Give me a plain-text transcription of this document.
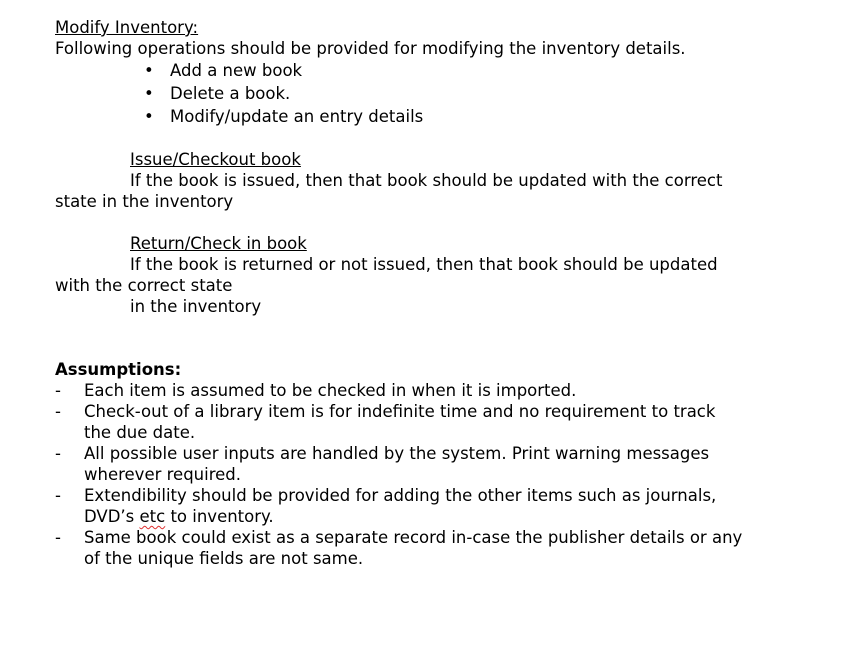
Modify Inventory:
Following operations should be provided for modifying the inventory details.
• Add a new book
• Delete a book.
• Modify/update an entry details
Issue/Checkout book
If the book is issued, then that book should be updated with the correct
state in the inventory
Return/Check in book
If the book is returned or not issued, then that book should be updated
with the correct state
in the inventory
Assumptions:
- Each item is assumed to be checked in when it is imported.
- Check-out of a library item is for indefinite time and no requirement to track
the due date.
- All possible user inputs are handled by the system. Print warning messages
wherever required.
- Extendibility should be provided for adding the other items such as journals,
DVD’s etc to inventory.
- Same book could exist as a separate record in-case the publisher details or any
of the unique fields are not same.
